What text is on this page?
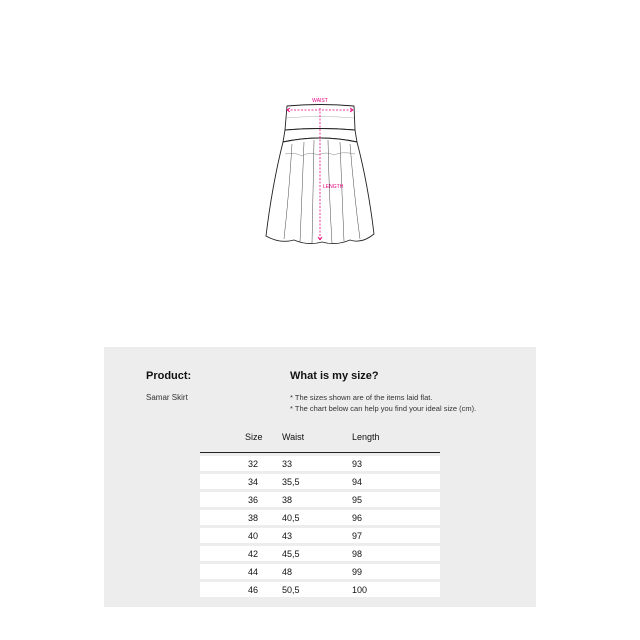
WAIST
LENGTH
Product:
Samar Skirt
What is my size?
* The sizes shown are of the items laid flat.
* The chart below can help you find your ideal size (cm).
Size	Waist	Length
32	33	93
34	35,5	94
36	38	95
38	40,5	96
40	43	97
42	45,5	98
44	48	99
46	50,5	100
